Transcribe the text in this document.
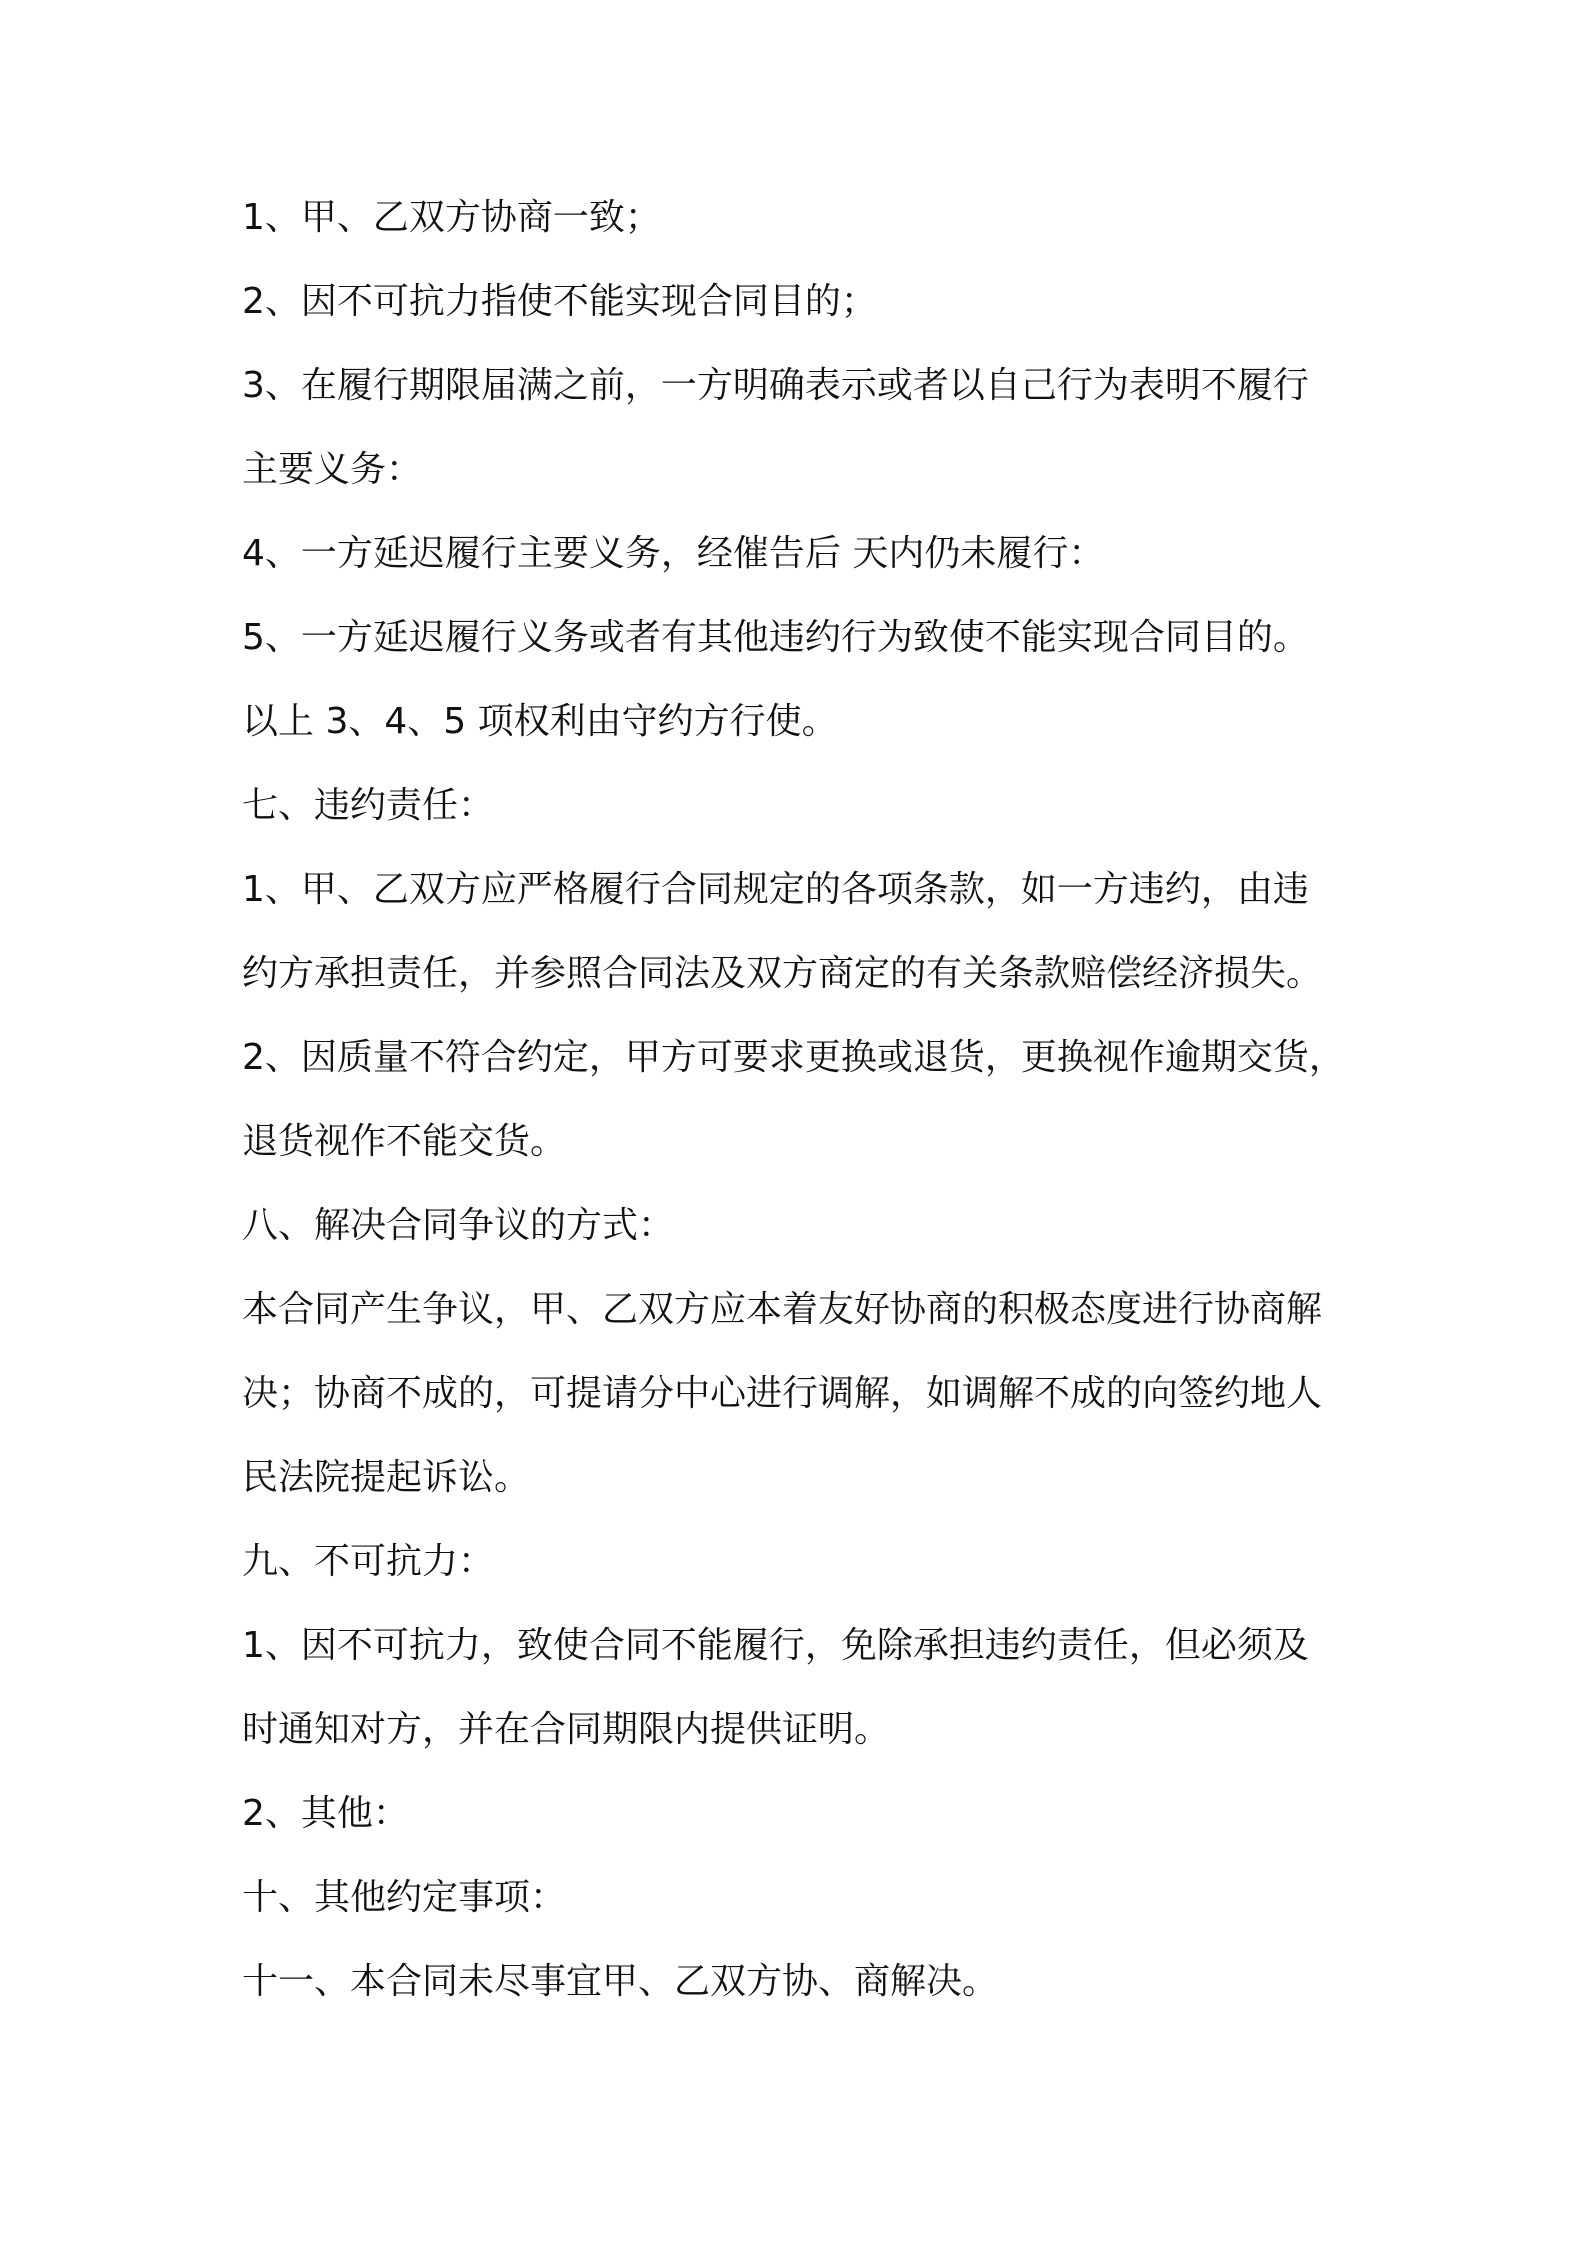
1、甲、乙双方协商一致；
2、因不可抗力指使不能实现合同目的；
3、在履行期限届满之前，一方明确表示或者以自己行为表明不履行
主要义务：
4、一方延迟履行主要义务，经催告后 天内仍未履行：
5、一方延迟履行义务或者有其他违约行为致使不能实现合同目的。
以上 3、4、5 项权利由守约方行使。
七、违约责任：
1、甲、乙双方应严格履行合同规定的各项条款，如一方违约，由违
约方承担责任，并参照合同法及双方商定的有关条款赔偿经济损失。
2、因质量不符合约定，甲方可要求更换或退货，更换视作逾期交货，
退货视作不能交货。
八、解决合同争议的方式：
本合同产生争议，甲、乙双方应本着友好协商的积极态度进行协商解
决；协商不成的，可提请分中心进行调解，如调解不成的向签约地人
民法院提起诉讼。
九、不可抗力：
1、因不可抗力，致使合同不能履行，免除承担违约责任，但必须及
时通知对方，并在合同期限内提供证明。
2、其他：
十、其他约定事项：
十一、本合同未尽事宜甲、乙双方协、商解决。
